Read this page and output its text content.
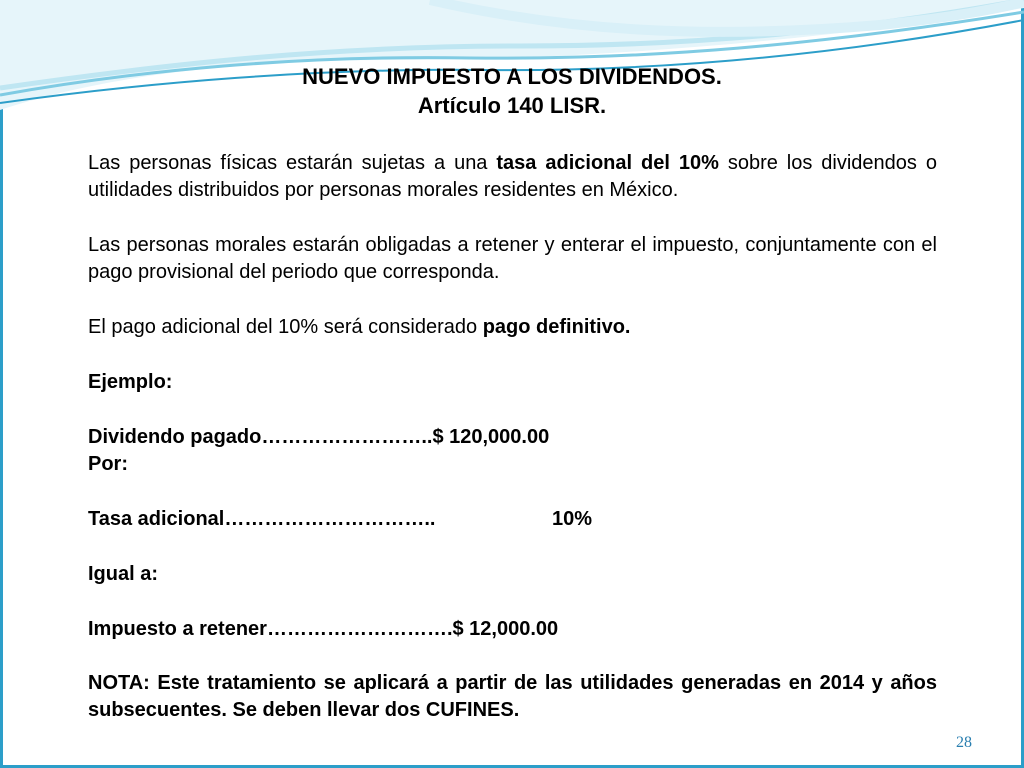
NUEVO IMPUESTO A LOS DIVIDENDOS.
Artículo 140 LISR.
Las personas físicas estarán sujetas a una tasa adicional del 10% sobre los dividendos o utilidades distribuidos por personas morales residentes en México.
Las personas morales estarán obligadas a retener y enterar el impuesto, conjuntamente con el pago provisional del periodo que corresponda.
El pago adicional del 10% será considerado pago definitivo.
Ejemplo:
Dividendo pagado……………………..$ 120,000.00
Por:
Tasa adicional…………………………..	10%
Igual a:
Impuesto a retener……………………….$ 12,000.00
NOTA: Este tratamiento se aplicará a partir de las utilidades generadas en 2014 y años subsecuentes. Se deben llevar dos CUFINES.
28
